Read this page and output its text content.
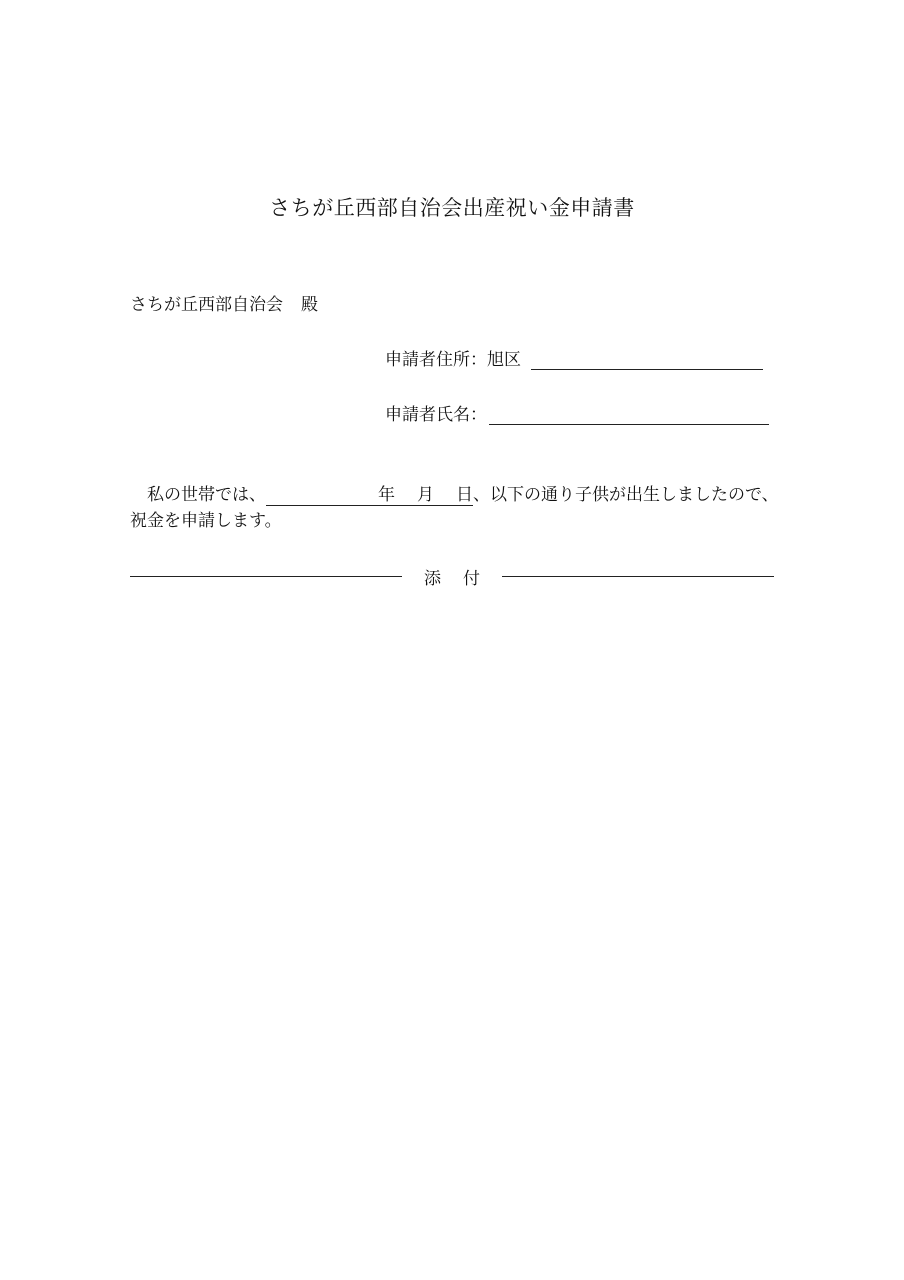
さちが丘西部自治会出産祝い金申請書
さちが丘西部自治会 殿
申請者住所：旭区
申請者氏名：
私の世帯では、	年 月 日、以下の通り子供が出生しましたので、祝金を申請します。
添 付
